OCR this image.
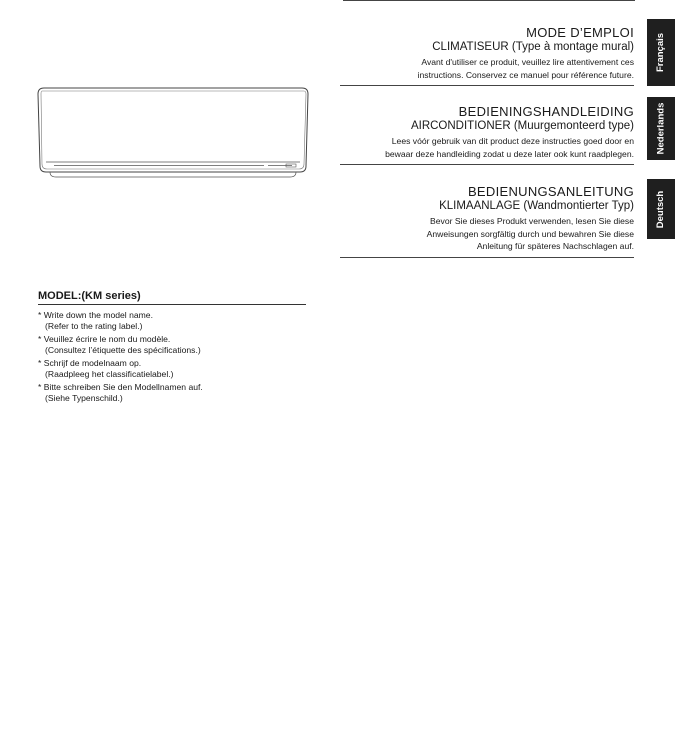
MODE D’EMPLOI

CLIMATISEUR (Type à montage mural)

Avant d'utiliser ce produit, veuillez lire attentivement ces
instructions. Conservez ce manuel pour référence future.

BEDIENINGSHANDLEIDING

AIRCONDITIONER (Muurgemonteerd type)

Lees vóór gebruik van dit product deze instructies goed door en
bewaar deze handleiding zodat u deze later ook kunt raadplegen.

BEDIENUNGSANLEITUNG

KLIMAANLAGE (Wandmontierter Typ)

Bevor Sie dieses Produkt verwenden, lesen Sie diese
Anweisungen sorgfältig durch und bewahren Sie diese
Anleitung für späteres Nachschlagen auf.

Français
Nederlands
Deutsch

MODEL:(KM series)

* Write down the model name.
(Refer to the rating label.)
* Veuillez écrire le nom du modèle.
(Consultez l’étiquette des spécifications.)
* Schrijf de modelnaam op.
(Raadpleeg het classificatielabel.)
* Bitte schreiben Sie den Modellnamen auf.
(Siehe Typenschild.)
